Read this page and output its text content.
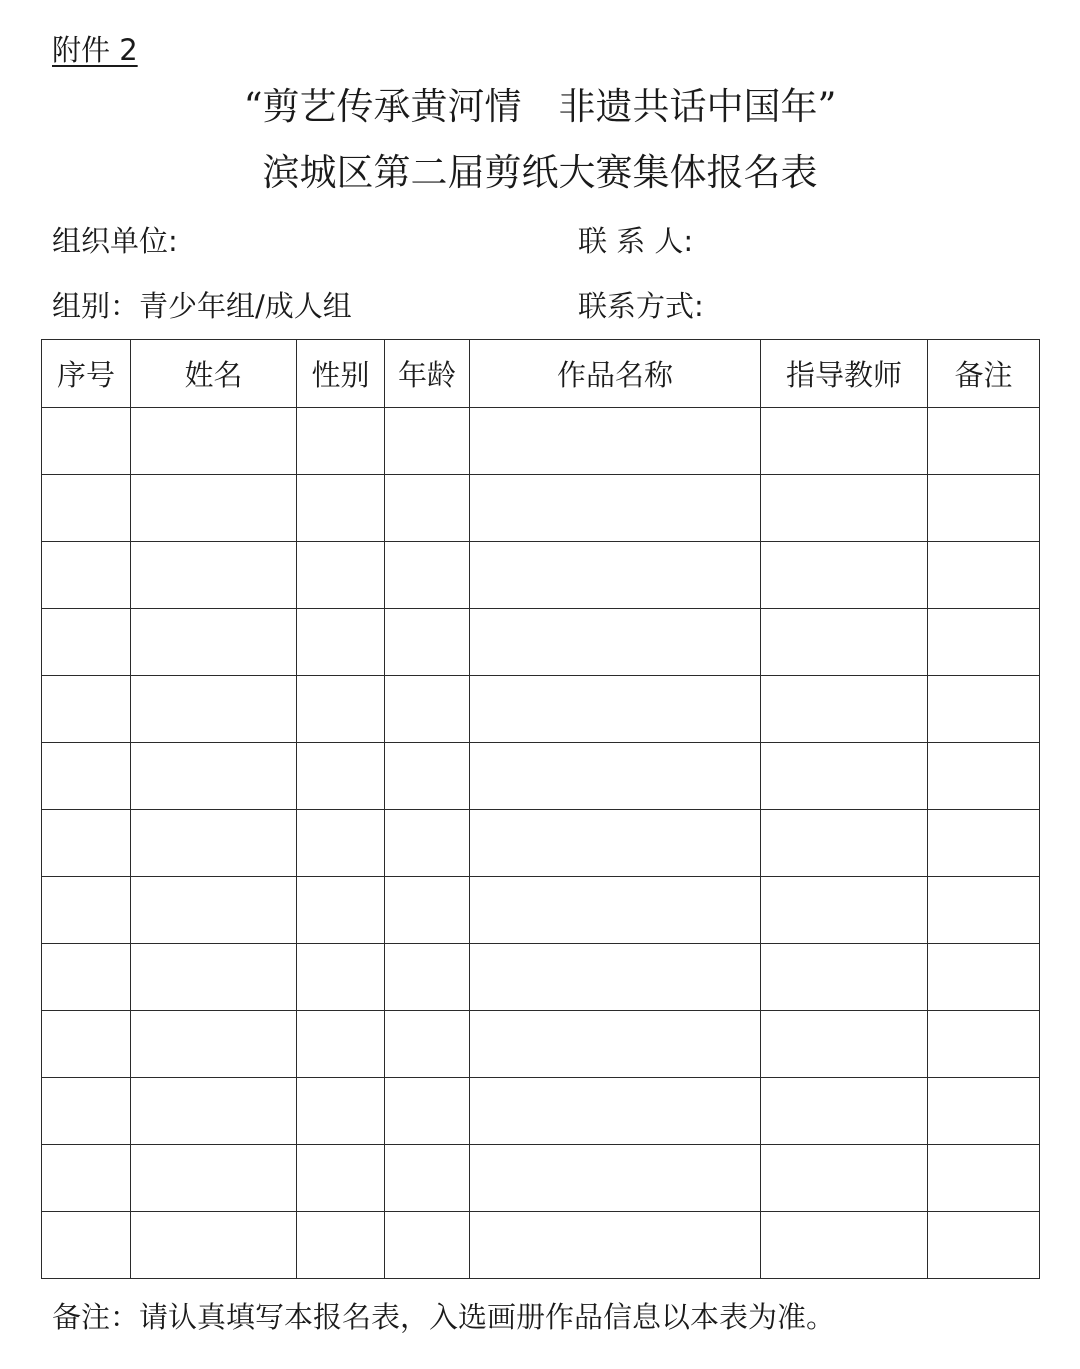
附件 2
“剪艺传承黄河情　非遗共话中国年”
滨城区第二届剪纸大赛集体报名表
组织单位:	联 系 人:
组别：青少年组/成人组	联系方式:
序号	姓名	性别	年龄	作品名称	指导教师	备注

备注：请认真填写本报名表，入选画册作品信息以本表为准。
